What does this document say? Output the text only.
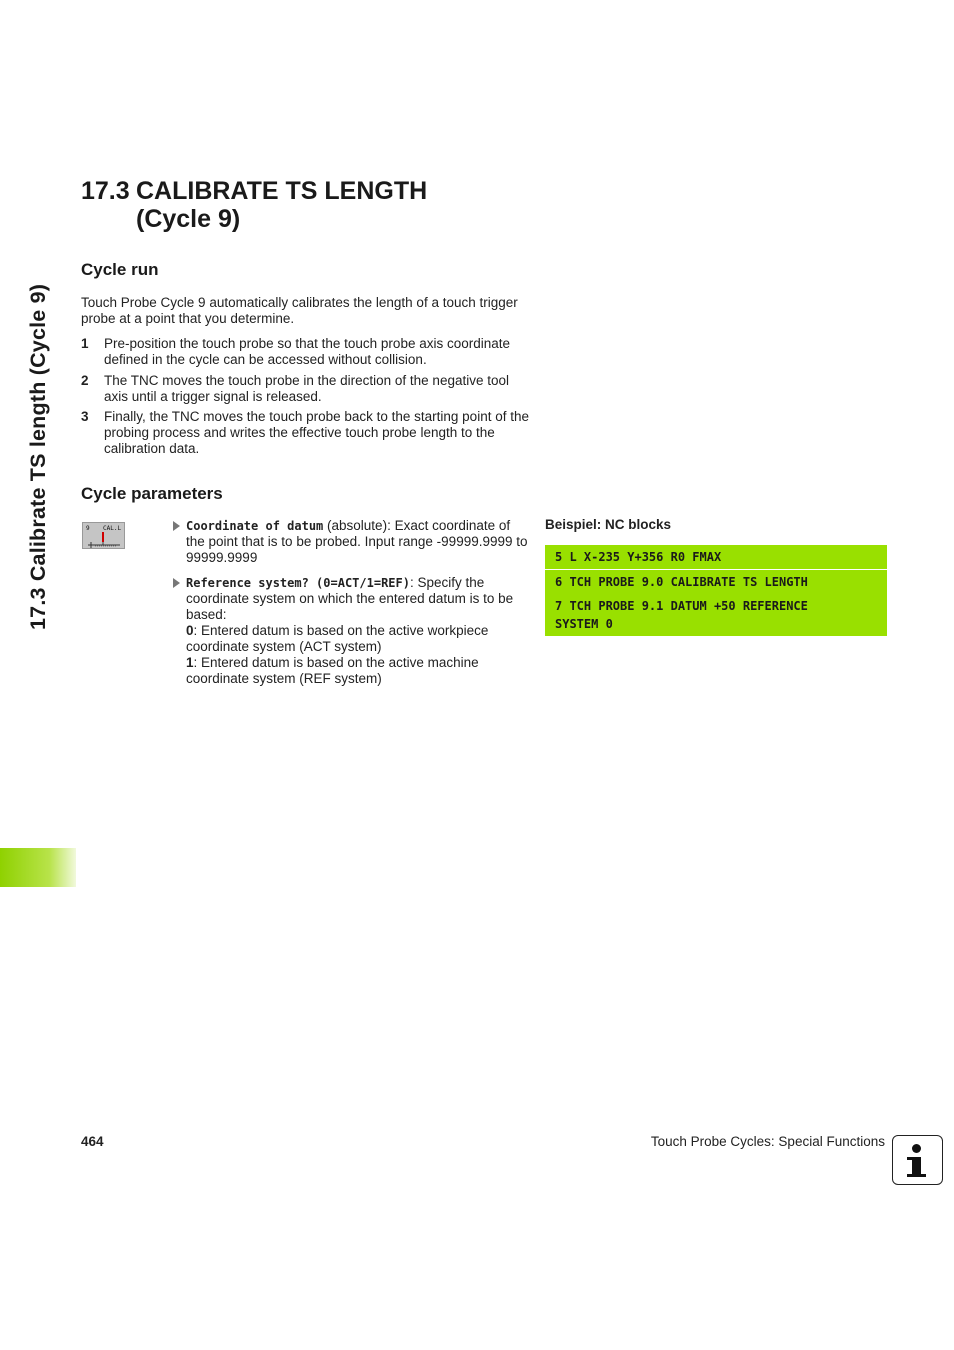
17.3 Calibrate TS length (Cycle 9)
17.3 CALIBRATE TS LENGTH
(Cycle 9)
Cycle run

Touch Probe Cycle 9 automatically calibrates the length of a touch trigger probe at a point that you determine.

1	Pre-position the touch probe so that the touch probe axis coordinate defined in the cycle can be accessed without collision.
2	The TNC moves the touch probe in the direction of the negative tool axis until a trigger signal is released.
3	Finally, the TNC moves the touch probe back to the starting point of the probing process and writes the effective touch probe length to the calibration data.
Cycle parameters
9 CAL.L	Coordinate of datum (absolute): Exact coordinate of the point that is to be probed. Input range -99999.9999 to 99999.9999
Reference system? (0=ACT/1=REF): Specify the coordinate system on which the entered datum is to be based:
0: Entered datum is based on the active workpiece coordinate system (ACT system)
1: Entered datum is based on the active machine coordinate system (REF system)

Beispiel: NC blocks

5 L X-235 Y+356 R0 FMAX
6 TCH PROBE 9.0 CALIBRATE TS LENGTH
7 TCH PROBE 9.1 DATUM +50 REFERENCE
SYSTEM 0
464	Touch Probe Cycles: Special Functions
